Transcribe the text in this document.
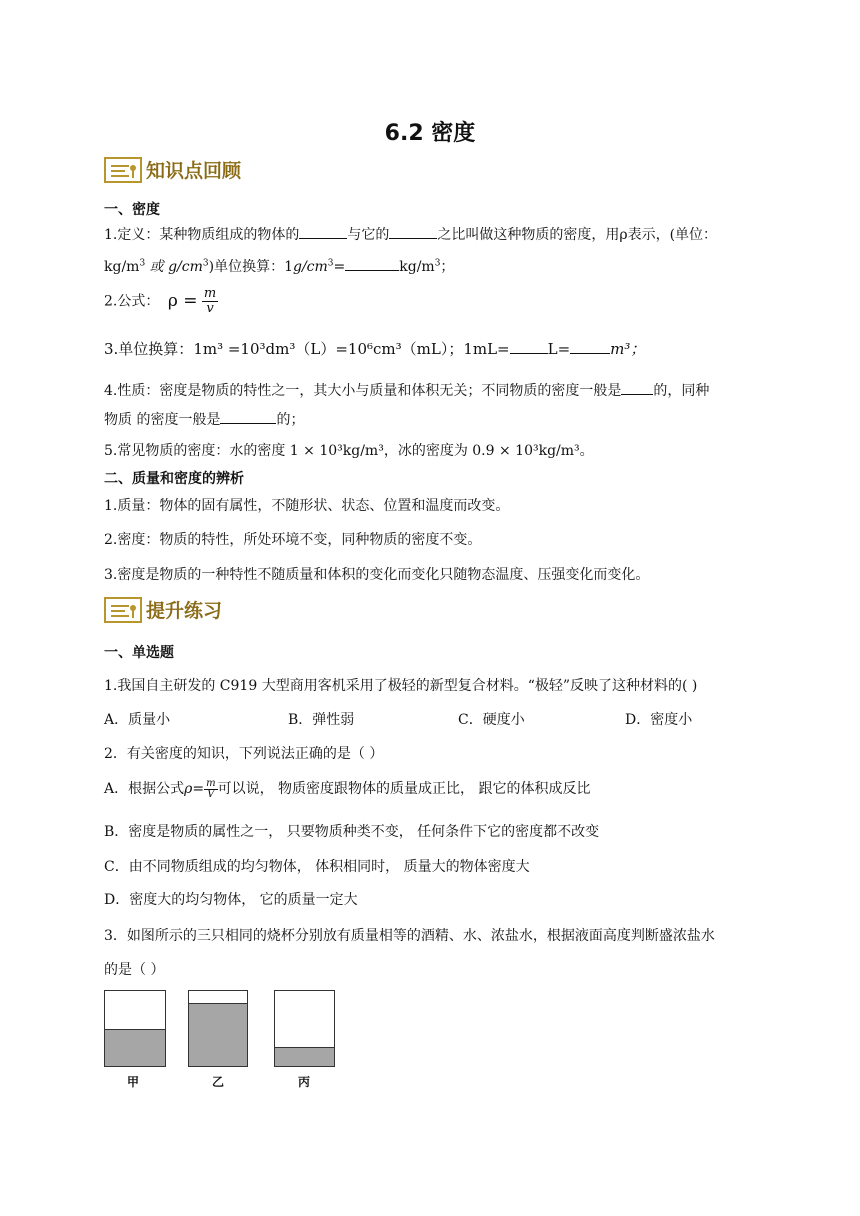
6.2 密度
知识点回顾
一、密度
1.定义：某种物质组成的物体的	与它的	之比叫做这种物质的密度，用ρ表示，(单位：
$kg/m^3$ 或 $g/cm^3$)单位换算：$1g/cm^3=$	$kg/m^3$；
2.公式： $\rho = \frac{m}{v}$
3.单位换算：1m³ =10³dm³（L）=10⁶cm³（mL）；1mL=	L=	m³；
4.性质：密度是物质的特性之一，其大小与质量和体积无关；不同物质的密度一般是 的，同种
物质 的密度一般是	的；
5.常见物质的密度：水的密度 1 × 10³kg/m³，冰的密度为 0.9 × 10³kg/m³。
二、质量和密度的辨析
1.质量：物体的固有属性，不随形状、状态、位置和温度而改变。
2.密度：物质的特性，所处环境不变，同种物质的密度不变。
3.密度是物质的一种特性不随质量和体积的变化而变化只随物态温度、压强变化而变化。
提升练习
一、单选题
1.我国自主研发的 C919 大型商用客机采用了极轻的新型复合材料。“极轻”反映了这种材料的( )
A．质量小	B．弹性弱	C．硬度小	D．密度小
2．有关密度的知识，下列说法正确的是（ ）
A．根据公式$\rho= \frac{m}{V}$可以说， 物质密度跟物体的质量成正比， 跟它的体积成反比
B．密度是物质的属性之一， 只要物质种类不变， 任何条件下它的密度都不改变
C．由不同物质组成的均匀物体， 体积相同时， 质量大的物体密度大
D．密度大的均匀物体， 它的质量一定大
3．如图所示的三只相同的烧杯分别放有质量相等的酒精、水、浓盐水，根据液面高度判断盛浓盐水
的是（ ）
甲	乙	丙
